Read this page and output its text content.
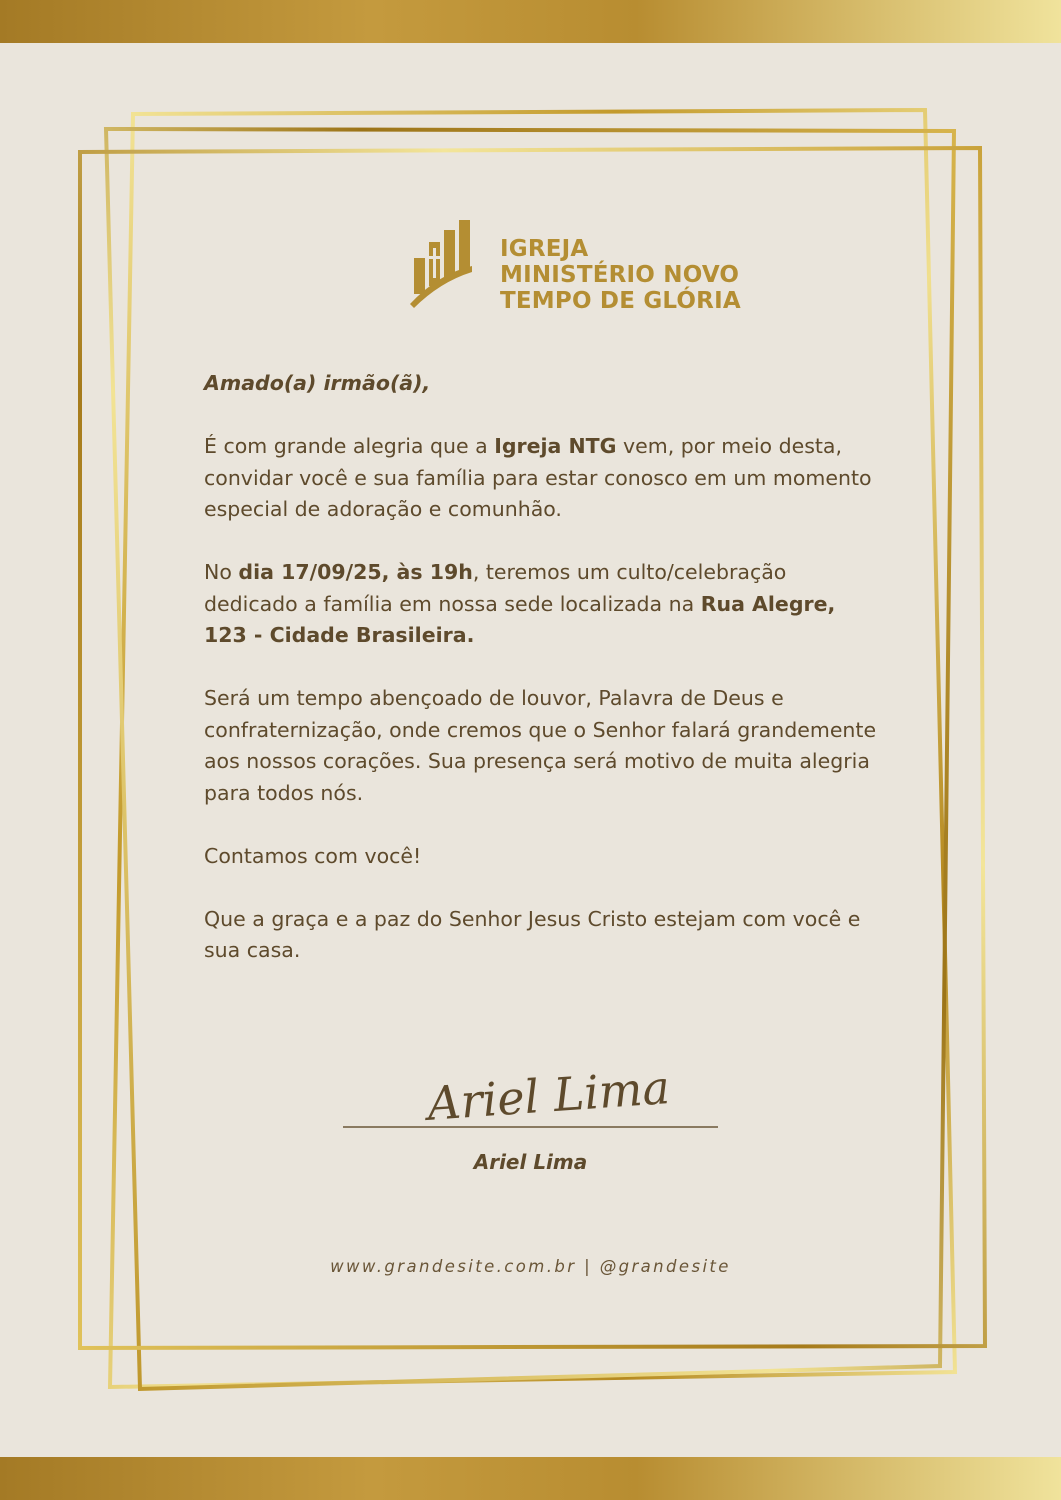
IGREJA
MINISTÉRIO NOVO
TEMPO DE GLÓRIA

Amado(a) irmão(ã),

É com grande alegria que a Igreja NTG vem, por meio desta, convidar você e sua família para estar conosco em um momento especial de adoração e comunhão.

No dia 17/09/25, às 19h, teremos um culto/celebração dedicado a família em nossa sede localizada na Rua Alegre, 123 - Cidade Brasileira.

Será um tempo abençoado de louvor, Palavra de Deus e confraternização, onde cremos que o Senhor falará grandemente aos nossos corações. Sua presença será motivo de muita alegria para todos nós.

Contamos com você!

Que a graça e a paz do Senhor Jesus Cristo estejam com você e sua casa.

Ariel Lima
Ariel Lima
www.grandesite.com.br | @grandesite
